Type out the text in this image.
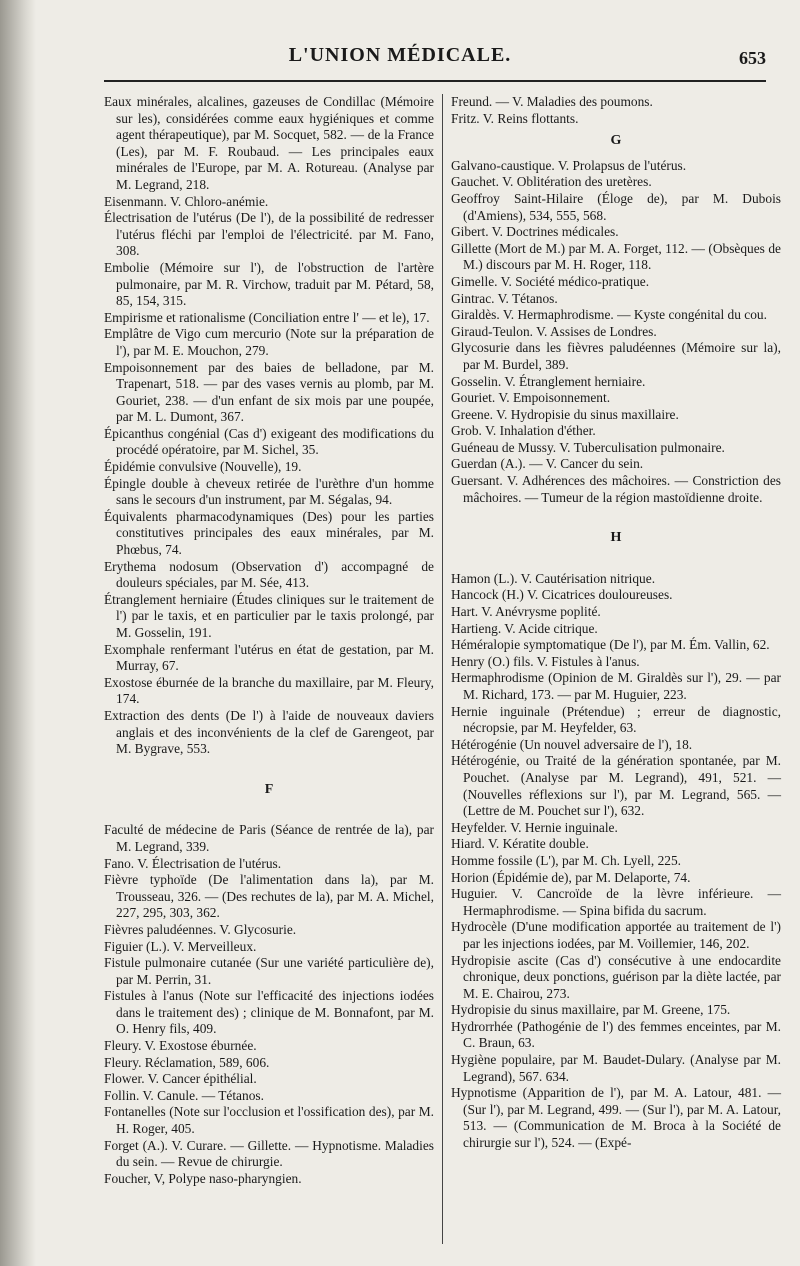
L'UNION MÉDICALE.	653

Eaux minérales, alcalines, gazeuses de Condillac (Mémoire sur les), considérées comme eaux hygiéniques et comme agent thérapeutique), par M. Socquet, 582. — de la France (Les), par M. F. Roubaud. — Les principales eaux minérales de l'Europe, par M. A. Rotureau. (Analyse par M. Legrand, 218.

Eisenmann. V. Chloro-anémie.

Électrisation de l'utérus (De l'), de la possibilité de redresser l'utérus fléchi par l'emploi de l'électricité. par M. Fano, 308.

Embolie (Mémoire sur l'), de l'obstruction de l'artère pulmonaire, par M. R. Virchow, traduit par M. Pétard, 58, 85, 154, 315.

Empirisme et rationalisme (Conciliation entre l' — et le), 17.

Emplâtre de Vigo cum mercurio (Note sur la préparation de l'), par M. E. Mouchon, 279.

Empoisonnement par des baies de belladone, par M. Trapenart, 518. — par des vases vernis au plomb, par M. Gouriet, 238. — d'un enfant de six mois par une poupée, par M. L. Dumont, 367.

Épicanthus congénial (Cas d') exigeant des modifications du procédé opératoire, par M. Sichel, 35.

Épidémie convulsive (Nouvelle), 19.

Épingle double à cheveux retirée de l'urèthre d'un homme sans le secours d'un instrument, par M. Ségalas, 94.

Équivalents pharmacodynamiques (Des) pour les parties constitutives principales des eaux minérales, par M. Phœbus, 74.

Erythema nodosum (Observation d') accompagné de douleurs spéciales, par M. Sée, 413.

Étranglement herniaire (Études cliniques sur le traitement de l') par le taxis, et en particulier par le taxis prolongé, par M. Gosselin, 191.

Exomphale renfermant l'utérus en état de gestation, par M. Murray, 67.

Exostose éburnée de la branche du maxillaire, par M. Fleury, 174.

Extraction des dents (De l') à l'aide de nouveaux daviers anglais et des inconvénients de la clef de Garengeot, par M. Bygrave, 553.

F

Faculté de médecine de Paris (Séance de rentrée de la), par M. Legrand, 339.

Fano. V. Électrisation de l'utérus.

Fièvre typhoïde (De l'alimentation dans la), par M. Trousseau, 326. — (Des rechutes de la), par M. A. Michel, 227, 295, 303, 362.

Fièvres paludéennes. V. Glycosurie.

Figuier (L.). V. Merveilleux.

Fistule pulmonaire cutanée (Sur une variété particulière de), par M. Perrin, 31.

Fistules à l'anus (Note sur l'efficacité des injections iodées dans le traitement des) ; clinique de M. Bonnafont, par M. O. Henry fils, 409.

Fleury. V. Exostose éburnée.

Fleury. Réclamation, 589, 606.

Flower. V. Cancer épithélial.

Follin. V. Canule. — Tétanos.

Fontanelles (Note sur l'occlusion et l'ossification des), par M. H. Roger, 405.

Forget (A.). V. Curare. — Gillette. — Hypnotisme. Maladies du sein. — Revue de chirurgie.

Foucher, V, Polype naso-pharyngien.

Freund. — V. Maladies des poumons.

Fritz. V. Reins flottants.

G

Galvano-caustique. V. Prolapsus de l'utérus.

Gauchet. V. Oblitération des uretères.

Geoffroy Saint-Hilaire (Éloge de), par M. Dubois (d'Amiens), 534, 555, 568.

Gibert. V. Doctrines médicales.

Gillette (Mort de M.) par M. A. Forget, 112. — (Obsèques de M.) discours par M. H. Roger, 118.

Gimelle. V. Société médico-pratique.

Gintrac. V. Tétanos.

Giraldès. V. Hermaphrodisme. — Kyste congénital du cou.

Giraud-Teulon. V. Assises de Londres.

Glycosurie dans les fièvres paludéennes (Mémoire sur la), par M. Burdel, 389.

Gosselin. V. Étranglement herniaire.

Gouriet. V. Empoisonnement.

Greene. V. Hydropisie du sinus maxillaire.

Grob. V. Inhalation d'éther.

Guéneau de Mussy. V. Tuberculisation pulmonaire.

Guerdan (A.). — V. Cancer du sein.

Guersant. V. Adhérences des mâchoires. — Constriction des mâchoires. — Tumeur de la région mastoïdienne droite.

H

Hamon (L.). V. Cautérisation nitrique.

Hancock (H.) V. Cicatrices douloureuses.

Hart. V. Anévrysme poplité.

Hartieng. V. Acide citrique.

Héméralopie symptomatique (De l'), par M. Ém. Vallin, 62.

Henry (O.) fils. V. Fistules à l'anus.

Hermaphrodisme (Opinion de M. Giraldès sur l'), 29. — par M. Richard, 173. — par M. Huguier, 223.

Hernie inguinale (Prétendue) ; erreur de diagnostic, nécropsie, par M. Heyfelder, 63.

Hétérogénie (Un nouvel adversaire de l'), 18.

Hétérogénie, ou Traité de la génération spontanée, par M. Pouchet. (Analyse par M. Legrand), 491, 521. — (Nouvelles réflexions sur l'), par M. Legrand, 565. — (Lettre de M. Pouchet sur l'), 632.

Heyfelder. V. Hernie inguinale.

Hiard. V. Kératite double.

Homme fossile (L'), par M. Ch. Lyell, 225.

Horion (Épidémie de), par M. Delaporte, 74.

Huguier. V. Cancroïde de la lèvre inférieure. — Hermaphrodisme. — Spina bifida du sacrum.

Hydrocèle (D'une modification apportée au traitement de l') par les injections iodées, par M. Voillemier, 146, 202.

Hydropisie ascite (Cas d') consécutive à une endocardite chronique, deux ponctions, guérison par la diète lactée, par M. E. Chairou, 273.

Hydropisie du sinus maxillaire, par M. Greene, 175.

Hydrorrhée (Pathogénie de l') des femmes enceintes, par M. C. Braun, 63.

Hygiène populaire, par M. Baudet-Dulary. (Analyse par M. Legrand), 567. 634.

Hypnotisme (Apparition de l'), par M. A. Latour, 481. — (Sur l'), par M. Legrand, 499. — (Sur l'), par M. A. Latour, 513. — (Communication de M. Broca à la Société de chirurgie sur l'), 524. — (Expé-
